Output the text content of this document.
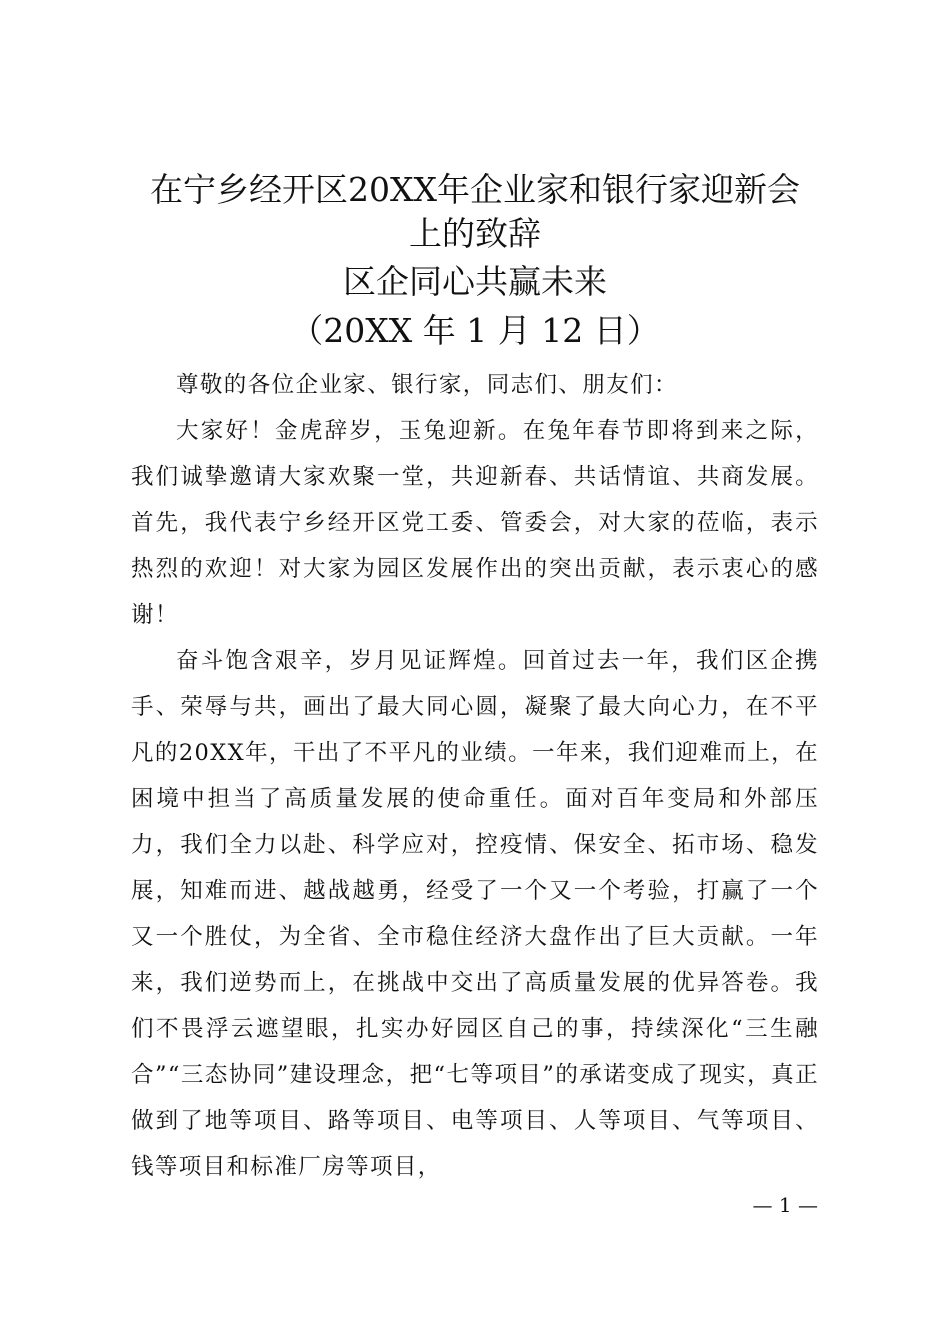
在宁乡经开区20XX年企业家和银行家迎新会
上的致辞
区企同心共赢未来
（20XX 年 1 月 12 日）

尊敬的各位企业家、银行家，同志们、朋友们：

大家好！金虎辞岁，玉兔迎新。在兔年春节即将到来之际，我们诚挚邀请大家欢聚一堂，共迎新春、共话情谊、共商发展。首先，我代表宁乡经开区党工委、管委会，对大家的莅临，表示热烈的欢迎！对大家为园区发展作出的突出贡献，表示衷心的感谢！

奋斗饱含艰辛，岁月见证辉煌。回首过去一年，我们区企携手、荣辱与共，画出了最大同心圆，凝聚了最大向心力，在不平凡的20XX年，干出了不平凡的业绩。一年来，我们迎难而上，在困境中担当了高质量发展的使命重任。面对百年变局和外部压力，我们全力以赴、科学应对，控疫情、保安全、拓市场、稳发展，知难而进、越战越勇，经受了一个又一个考验，打赢了一个又一个胜仗，为全省、全市稳住经济大盘作出了巨大贡献。一年来，我们逆势而上，在挑战中交出了高质量发展的优异答卷。我们不畏浮云遮望眼，扎实办好园区自己的事，持续深化“三生融合”“三态协同”建设理念，把“七等项目”的承诺变成了现实，真正做到了地等项目、路等项目、电等项目、人等项目、气等项目、钱等项目和标准厂房等项目，

— 1 —
